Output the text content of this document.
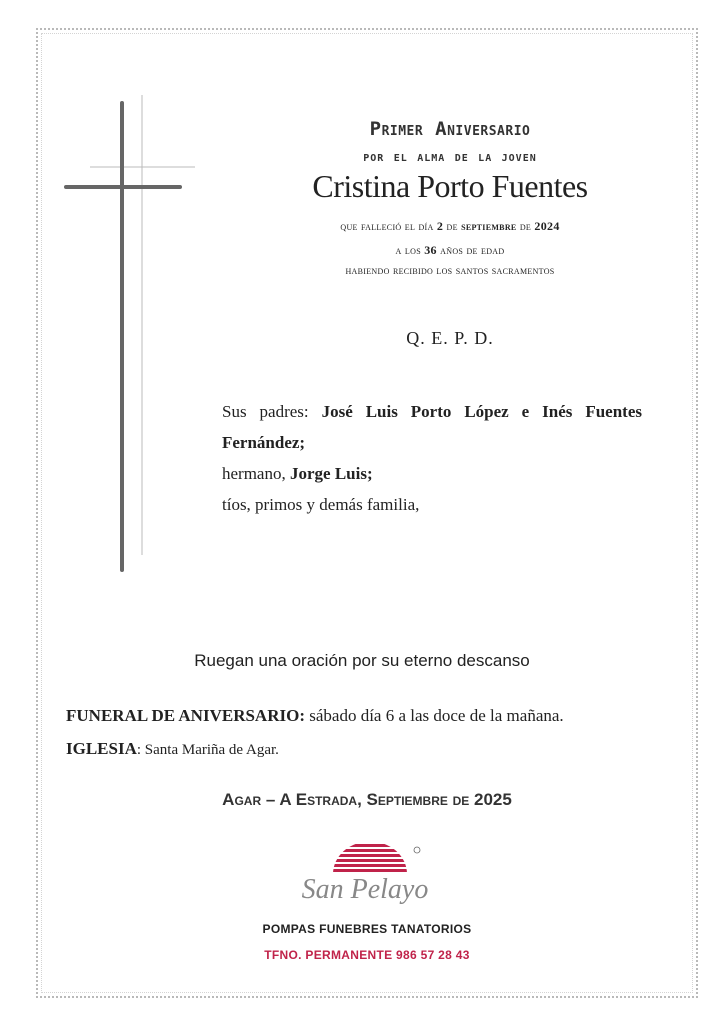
Primer Aniversario
por el alma de la joven
Cristina Porto Fuentes
que falleció el día 2 de septiembre de 2024
a los 36 años de edad
habiendo recibido los santos sacramentos
Q. E. P. D.
Sus padres: José Luis Porto López e Inés Fuentes
Fernández;
hermano, Jorge Luis;
tíos, primos y demás familia,
Ruegan una oración por su eterno descanso
FUNERAL DE ANIVERSARIO: sábado día 6 a las doce de la mañana.
IGLESIA: Santa Mariña de Agar.
Agar – A Estrada, Septiembre de 2025
San Pelayo
POMPAS FUNEBRES TANATORIOS
TFNO. PERMANENTE 986 57 28 43
